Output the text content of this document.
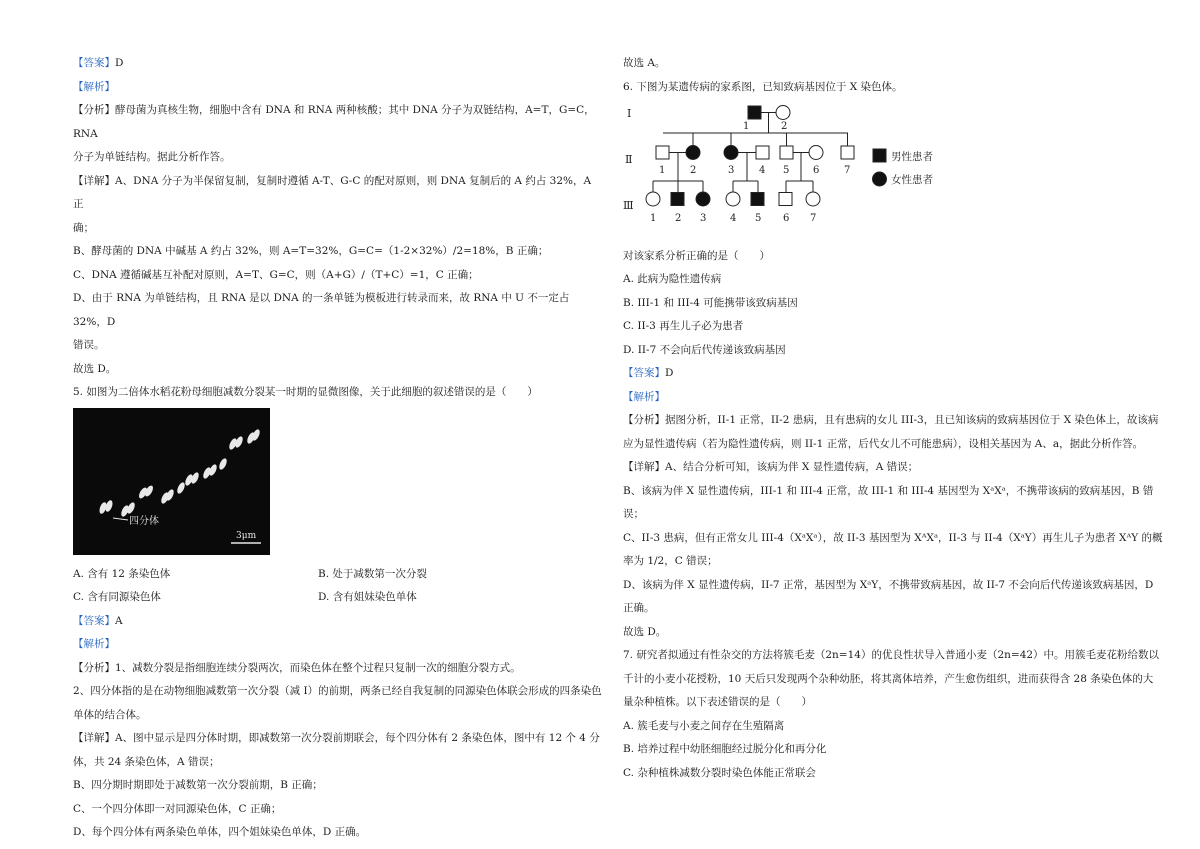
【答案】D

【解析】

【分析】酵母菌为真核生物，细胞中含有 DNA 和 RNA 两种核酸；其中 DNA 分子为双链结构，A=T，G=C，RNA

分子为单链结构。据此分析作答。

【详解】A、DNA 分子为半保留复制，复制时遵循 A-T、G-C 的配对原则，则 DNA 复制后的 A 约占 32%，A 正

确；

B、酵母菌的 DNA 中碱基 A 约占 32%，则 A=T=32%，G=C=（1-2×32%）/2=18%，B 正确；

C、DNA 遵循碱基互补配对原则，A=T、G=C，则（A+G）/（T+C）=1，C 正确；

D、由于 RNA 为单链结构，且 RNA 是以 DNA 的一条单链为模板进行转录而来，故 RNA 中 U 不一定占 32%，D

错误。

故选 D。

5. 如图为二倍体水稻花粉母细胞减数分裂某一时期的显微图像，关于此细胞的叙述错误的是（　　）

四分体
3μm
A. 含有 12 条染色体	B. 处于减数第一次分裂
C. 含有同源染色体	D. 含有姐妹染色单体

【答案】A

【解析】

【分析】1、减数分裂是指细胞连续分裂两次，而染色体在整个过程只复制一次的细胞分裂方式。

2、四分体指的是在动物细胞减数第一次分裂（减 I）的前期，两条已经自我复制的同源染色体联会形成的四条染色

单体的结合体。

【详解】A、图中显示是四分体时期，即减数第一次分裂前期联会，每个四分体有 2 条染色体，图中有 12 个 4 分

体，共 24 条染色体，A 错误；

B、四分期时期即处于减数第一次分裂前期，B 正确；

C、一个四分体即一对同源染色体，C 正确；

D、每个四分体有两条染色单体，四个姐妹染色单体，D 正确。

故选 A。

6. 下图为某遗传病的家系图，已知致病基因位于 X 染色体。

Ⅰ
Ⅱ
Ⅲ
1	2
1 2	3 4 5 6 7
1 2 3 4 5 6 7
男性患者
女性患者

对该家系分析正确的是（　　）

A. 此病为隐性遗传病

B. III-1 和 III-4 可能携带该致病基因

C. II-3 再生儿子必为患者

D. II-7 不会向后代传递该致病基因

【答案】D

【解析】

【分析】据图分析，II-1 正常，II-2 患病，且有患病的女儿 III-3，且已知该病的致病基因位于 X 染色体上，故该病

应为显性遗传病（若为隐性遗传病，则 II-1 正常，后代女儿不可能患病），设相关基因为 A、a，据此分析作答。

【详解】A、结合分析可知，该病为伴 X 显性遗传病，A 错误；

B、该病为伴 X 显性遗传病，III-1 和 III-4 正常，故 III-1 和 III-4 基因型为 XᵃXᵃ，不携带该病的致病基因，B 错

误；

C、II-3 患病，但有正常女儿 III-4（XᵃXᵃ），故 II-3 基因型为 XᴬXᵃ，II-3 与 II-4（XᵃY）再生儿子为患者 XᴬY 的概

率为 1/2，C 错误；

D、该病为伴 X 显性遗传病，II-7 正常，基因型为 XᵃY，不携带致病基因，故 II-7 不会向后代传递该致病基因，D

正确。

故选 D。

7. 研究者拟通过有性杂交的方法将簇毛麦（2n=14）的优良性状导入普通小麦（2n=42）中。用簇毛麦花粉给数以

千计的小麦小花授粉，10 天后只发现两个杂种幼胚，将其离体培养，产生愈伤组织，进而获得含 28 条染色体的大

量杂种植株。以下表述错误的是（　　）

A. 簇毛麦与小麦之间存在生殖隔离

B. 培养过程中幼胚细胞经过脱分化和再分化

C. 杂种植株减数分裂时染色体能正常联会
